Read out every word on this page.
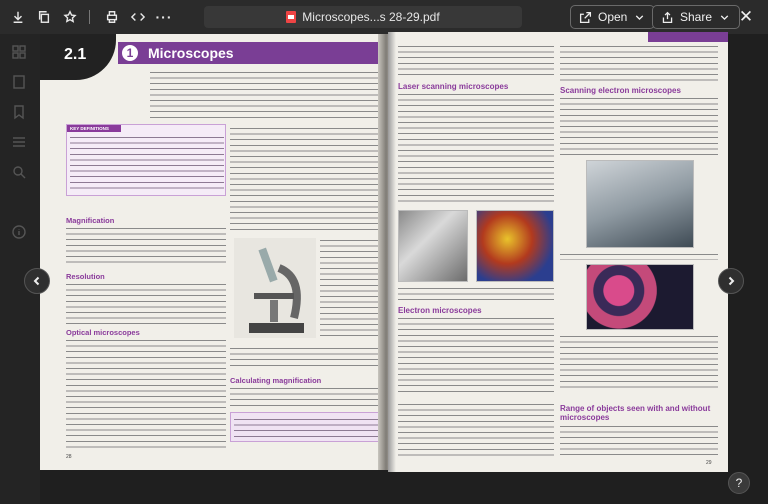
···	Microscopes...s 28-29.pdf	Open	Share ✕
2.1	1	Microscopes
KEY DEFINITIONS
Magnification
Resolution
Optical microscopes
Calculating magnification
28
Laser scanning microscopes
Electron microscopes
Scanning electron microscopes
Range of objects seen with and without microscopes
29
?
